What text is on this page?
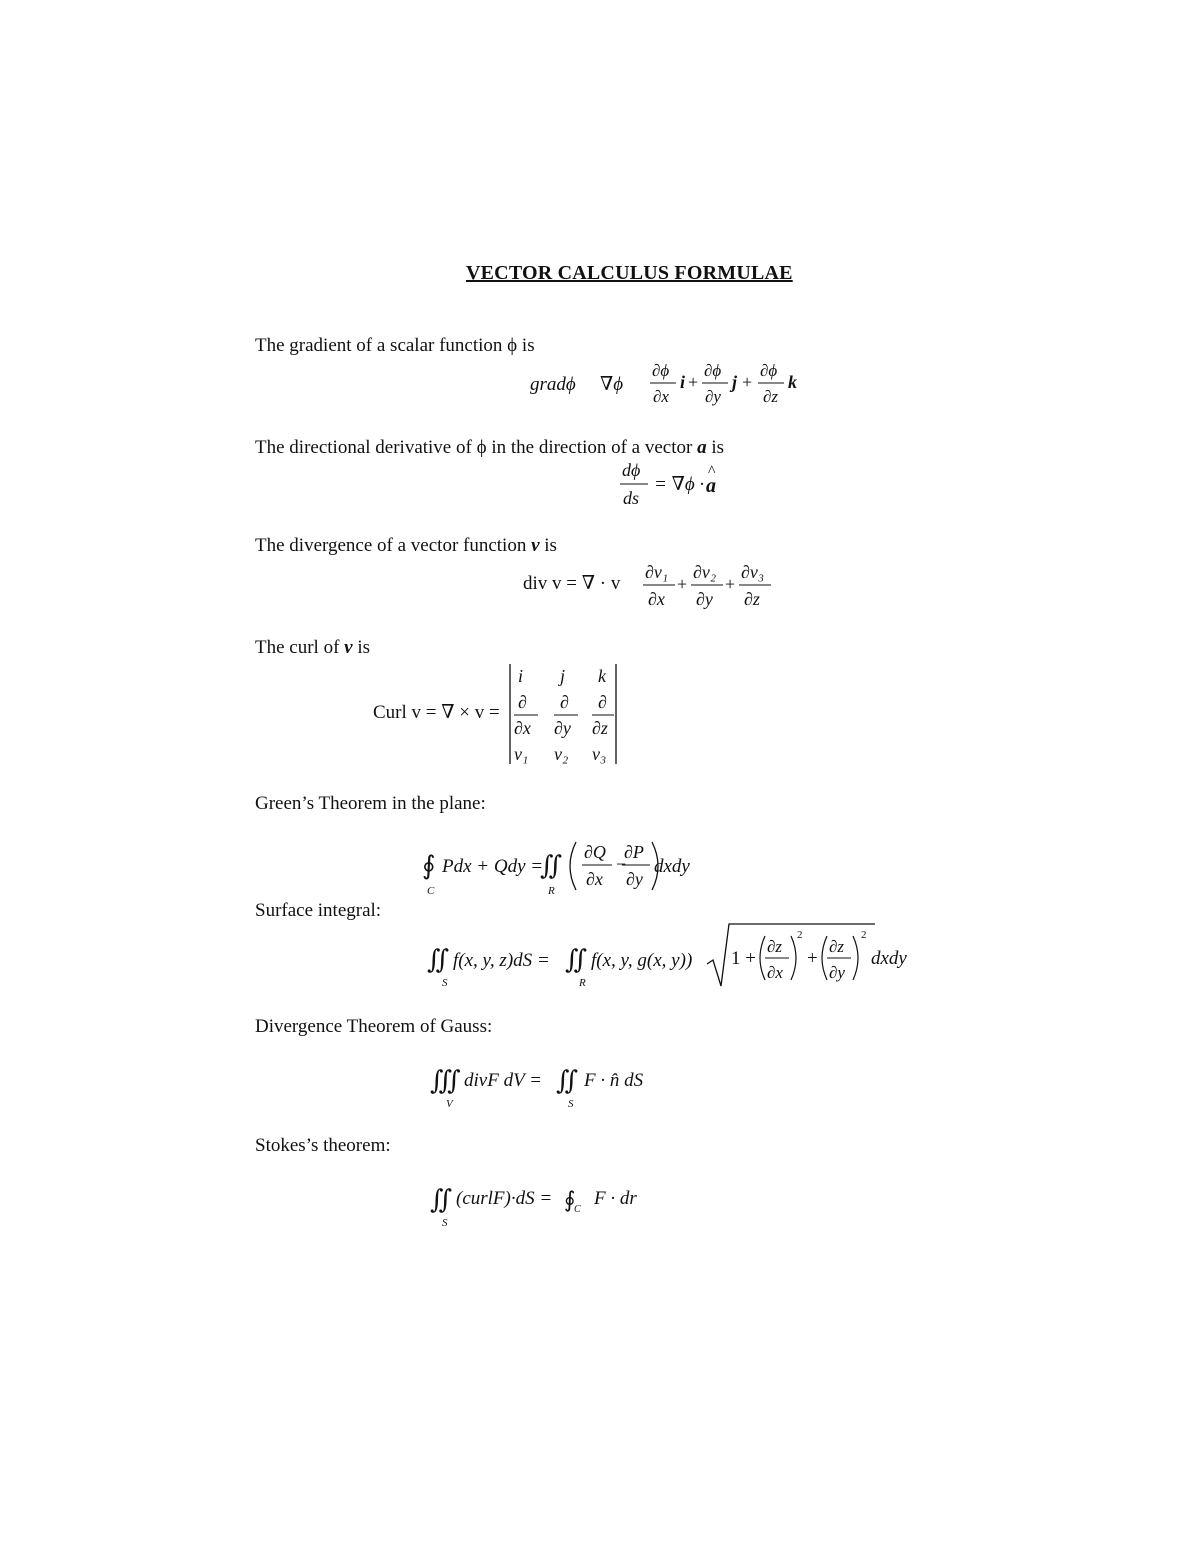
VECTOR CALCULUS FORMULAE
The gradient of a scalar function ϕ is
gradϕ ∇ϕ
∂ϕ
∂x
i +
∂ϕ
∂y
j +
∂ϕ
∂z
k
The directional derivative of ϕ in the direction of a vector a is
dϕ
ds
= ∇ϕ ·
^
a
The divergence of a vector function v is
div v = ∇ · v
∂v₁
∂x
+
∂v₂
∂y
+
∂v₃
∂z
The curl of v is
Curl v = ∇ × v =
i j k
∂ ∂ ∂
∂x ∂y ∂z
v₁ v₂ v₃
Green’s Theorem in the plane:
∮
C
Pdx + Qdy =
∬
R
∂Q
∂x
−
∂P
∂y
dxdy
Surface integral:
∬
S
f(x, y, z)dS = ∬
R
f(x, y, g(x, y)) 1 +
∂z
∂x
2
+
∂z
∂y
2
dxdy
Divergence Theorem of Gauss:
∭
V
divF dV = ∬
S
F · n̂ dS
Stokes’s theorem:
∬
S
(curlF)·dS = ∮
C
F · dr
